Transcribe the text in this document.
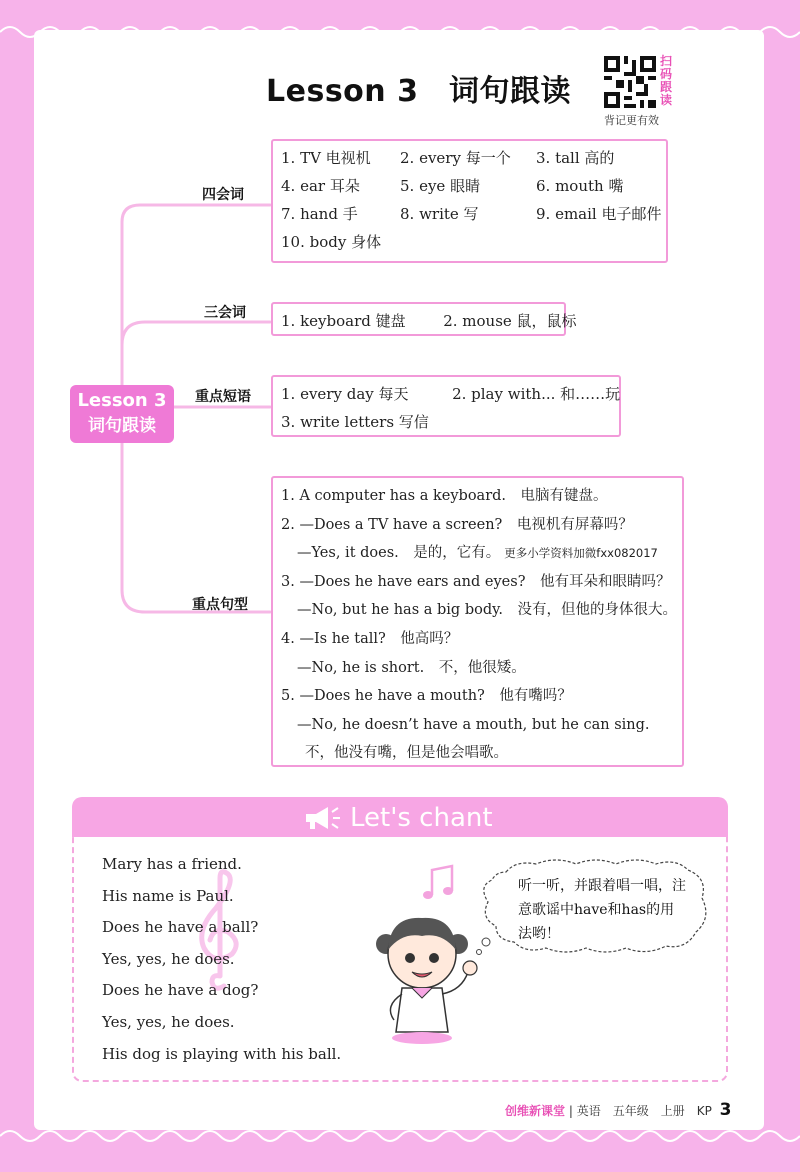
Lesson 3　词句跟读
扫码跟读
背记更有效
Lesson 3
词句跟读
四会词
三会词
重点短语
重点句型
1. TV 电视机	2. every 每一个	3. tall 高的
4. ear 耳朵	5. eye 眼睛	6. mouth 嘴
7. hand 手	8. write 写	9. email 电子邮件
10. body 身体
1. keyboard 键盘	2. mouse 鼠，鼠标
1. every day 每天	2. play with... 和……玩
3. write letters 写信
1. A computer has a keyboard.　电脑有键盘。
2. —Does a TV have a screen?　电视机有屏幕吗？
—Yes, it does.　是的，它有。 更多小学资料加微fxx082017
3. —Does he have ears and eyes?　他有耳朵和眼睛吗？
—No, but he has a big body.　没有，但他的身体很大。
4. —Is he tall?　他高吗？
—No, he is short.　不，他很矮。
5. —Does he have a mouth?　他有嘴吗？
—No, he doesn’t have a mouth, but he can sing.
不，他没有嘴，但是他会唱歌。
Let's chant
Mary has a friend.
His name is Paul.
Does he have a ball?
Yes, yes, he does.
Does he have a dog?
Yes, yes, he does.
His dog is playing with his ball.
听一听，并跟着唱一唱，注意歌谣中have和has的用法哟！
创维新课堂 | 英语　五年级　上册　KP 3
